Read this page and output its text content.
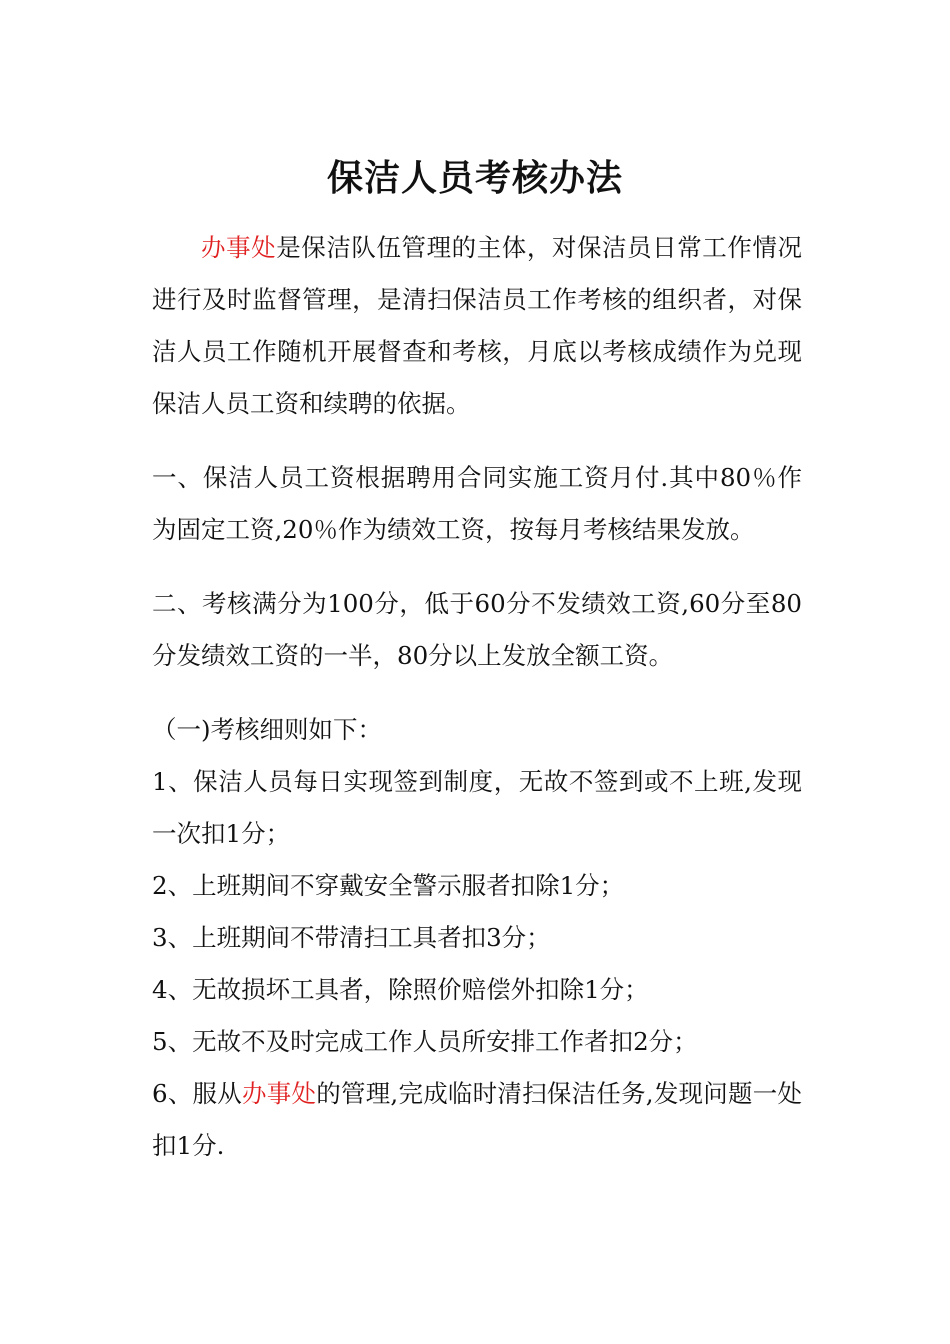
保洁人员考核办法

办事处是保洁队伍管理的主体，对保洁员日常工作情况进行及时监督管理，是清扫保洁员工作考核的组织者，对保洁人员工作随机开展督查和考核，月底以考核成绩作为兑现保洁人员工资和续聘的依据。

一、保洁人员工资根据聘用合同实施工资月付.其中80％作为固定工资,20％作为绩效工资，按每月考核结果发放。

二、考核满分为100分，低于60分不发绩效工资,60分至80分发绩效工资的一半，80分以上发放全额工资。

（一)考核细则如下：

1、保洁人员每日实现签到制度，无故不签到或不上班,发现一次扣1分；

2、上班期间不穿戴安全警示服者扣除1分；

3、上班期间不带清扫工具者扣3分；

4、无故损坏工具者，除照价赔偿外扣除1分；

5、无故不及时完成工作人员所安排工作者扣2分；

6、服从办事处的管理,完成临时清扫保洁任务,发现问题一处扣1分.
